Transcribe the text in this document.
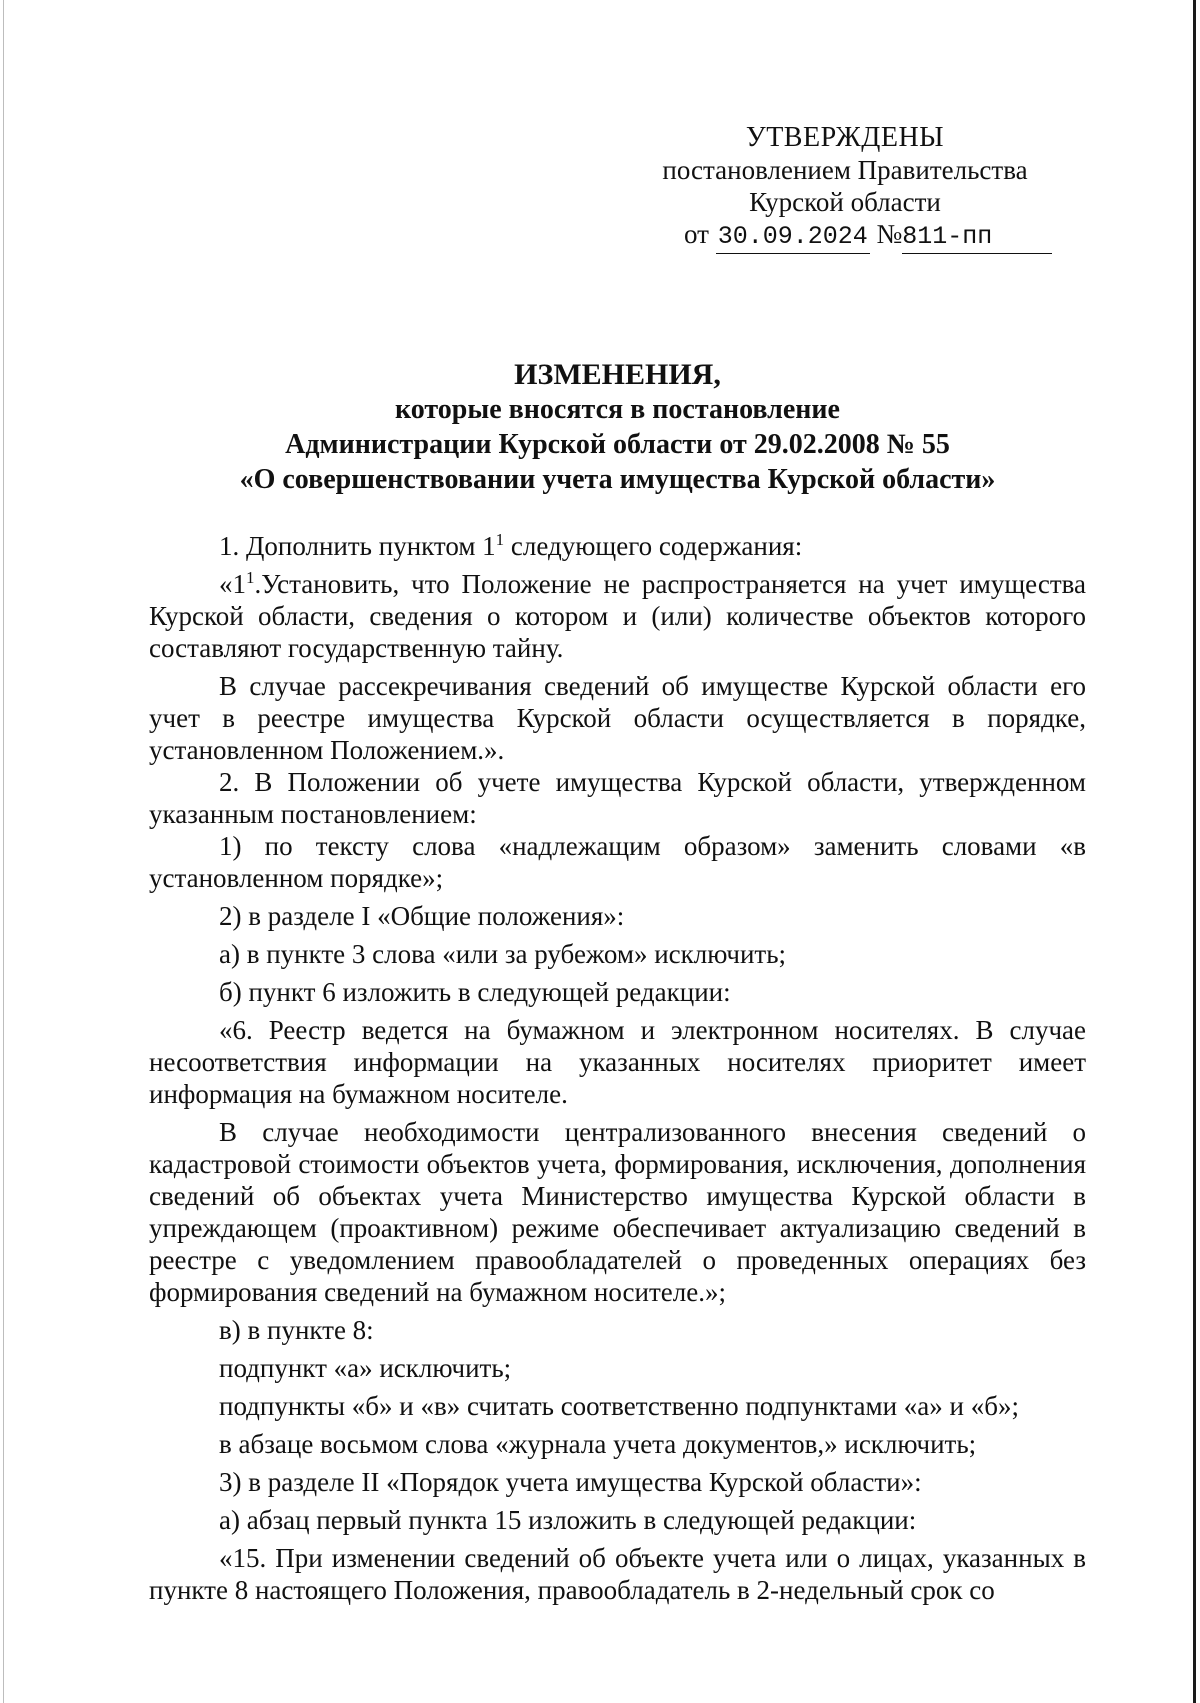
УТВЕРЖДЕНЫ
постановлением Правительства
Курской области
от 30.09.2024 №811-пп
ИЗМЕНЕНИЯ,
которые вносятся в постановление
Администрации Курской области от 29.02.2008 № 55
«О совершенствовании учета имущества Курской области»

1. Дополнить пунктом $1^1$ следующего содержания:

«$1^1.Установить$, что Положение не распространяется на учет имущества Курской области, сведения о котором и (или) количестве объектов которого составляют государственную тайну.

В случае рассекречивания сведений об имуществе Курской области его учет в реестре имущества Курской области осуществляется в порядке, установленном Положением.».

2. В Положении об учете имущества Курской области, утвержденном указанным постановлением:

1) по тексту слова «надлежащим образом» заменить словами «в установленном порядке»;

2) в разделе I «Общие положения»:

а) в пункте 3 слова «или за рубежом» исключить;

б) пункт 6 изложить в следующей редакции:

«6. Реестр ведется на бумажном и электронном носителях. В случае несоответствия информации на указанных носителях приоритет имеет информация на бумажном носителе.

В случае необходимости централизованного внесения сведений о кадастровой стоимости объектов учета, формирования, исключения, дополнения сведений об объектах учета Министерство имущества Курской области в упреждающем (проактивном) режиме обеспечивает актуализацию сведений в реестре с уведомлением правообладателей о проведенных операциях без формирования сведений на бумажном носителе.»;

в) в пункте 8:

подпункт «а» исключить;

подпункты «б» и «в» считать соответственно подпунктами «а» и «б»;

в абзаце восьмом слова «журнала учета документов,» исключить;

3) в разделе II «Порядок учета имущества Курской области»:

а) абзац первый пункта 15 изложить в следующей редакции:

«15. При изменении сведений об объекте учета или о лицах, указанных в пункте 8 настоящего Положения, правообладатель в 2-недельный срок со
